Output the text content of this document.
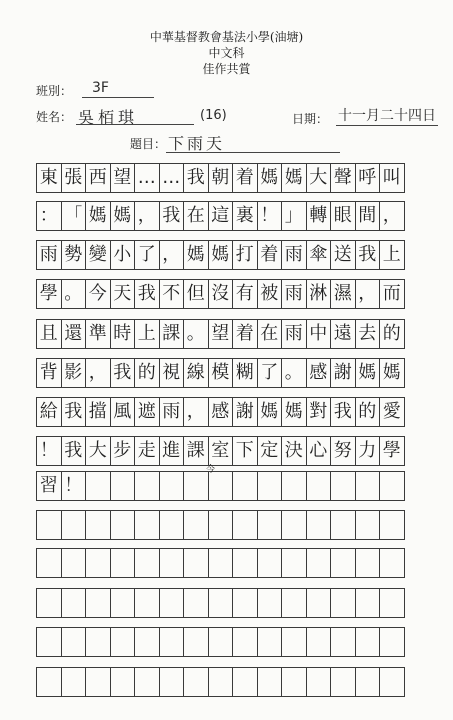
中華基督教會基法小學(油塘)
中文科
佳作共賞
班別： 3F
姓名： 吳栢琪	(16)	日期： 十一月二十四日
題目： 下雨天
東 張 西 望 … … 我 朝 着 媽 媽 大 聲 呼 叫
： 「 媽 媽 ， 我 在 這 裏 ！ 」 轉 眼 間 ，
雨 勢 變 小 了 ， 媽 媽 打 着 雨 傘 送 我 上
學 。 今 天 我 不 但 沒 有 被 雨 淋 濕 ， 而
且 還 準 時 上 課 。 望 着 在 雨 中 遠 去 的
背 影 ， 我 的 視 線 模 糊 了 。 感 謝 媽 媽
給 我 擋 風 遮 雨 ， 感 謝 媽 媽 對 我 的 愛
！ 我 大 步 走 進 課 室 下 定 決 心 努 力 學
習 ！
今
